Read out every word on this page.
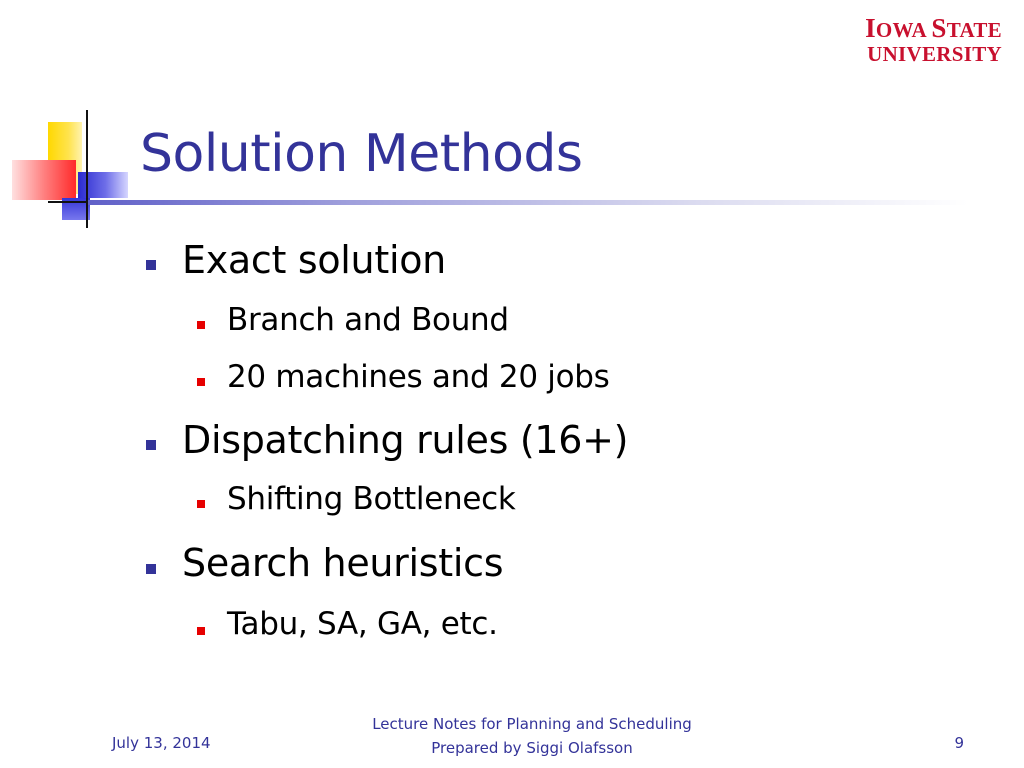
IOWA STATE
UNIVERSITY
Solution Methods
Exact solution
Branch and Bound
20 machines and 20 jobs
Dispatching rules (16+)
Shifting Bottleneck
Search heuristics
Tabu, SA, GA, etc.
July 13, 2014
Lecture Notes for Planning and Scheduling
Prepared by Siggi Olafsson	9
